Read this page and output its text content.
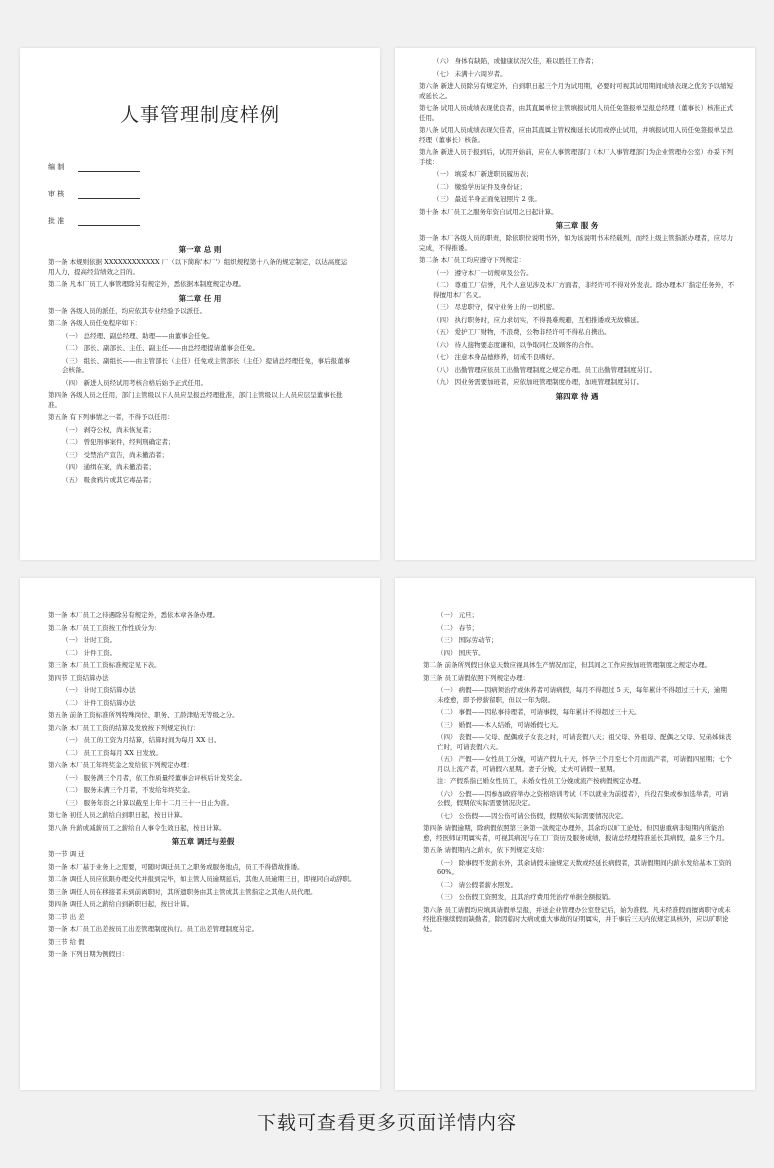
人事管理制度样例
编 制
审 核
批 准
第一章 总 则
第一条 本规则依据 XXXXXXXXXXXX 厂（以下简称'本厂'）组织规程第十八条的规定制定，以达高度运用人力，提高经营绩效之目的。
第二条 凡本厂员工人事管理除另有规定外，悉依据本制度规定办理。
第二章 任 用
第一条 各级人员的派任，均应依其专业经验予以派任。
第二条 各级人员任免程序如下：
（一） 总经理、副总经理、助理——由董事会任免。
（二） 部长、副部长、主任、副主任——由总经理提请董事会任免。
（三） 组长、副组长——由主管部长（主任）任免或主管部长（主任）提请总经理任免，事后报董事会核备。
（四） 新进人员经试用考核合格后始予正式任用。
第四条 各级人员之任用，部门主管级以下人员应呈报总经理批准，部门主管级以上人员应层呈董事长批准。
第五条 有下列事情之一者，不得予以任用：
（一） 剥夺公权，尚未恢复者；
（二） 曾犯刑事案件，经判刑确定者；
（三） 受禁治产宣告，尚未撤消者；
（四） 通缉在案，尚未撤消者；
（五） 吸食鸦片或其它毒品者；
（六） 身体有缺陷，或健康状况欠佳，难以胜任工作者；
（七） 未满十六周岁者。
第六条 新进人员除另有规定外，自到职日起三个月为试用期，必要时可视其试用期间成绩表现之优劣予以缩短或延长之。
第七条 试用人员成绩表现优良者，由其直属单位主管填报试用人员任免签报单呈报总经理（董事长）核准正式任用。
第八条 试用人员成绩表现欠佳者，应由其直属主管权衡延长试用或停止试用，并填报试用人员任免签报单呈总经理（董事长）核备。
第九条 新进人员于报到后，试用开始前，应在人事管理部门（本厂人事管理部门为企业管理办公室）办妥下列手续：
（一） 填妥本厂新进职员履历表；
（二） 缴验学历证件及身份证；
（三） 最近半身正面免冠照片 2 张。
第十条 本厂员工之服务年资自试用之日起计算。
第三章 服 务
第一条 本厂各级人员的职责，除依职位说明书外，如为该说明书未经载列，而经上级主管指派办理者，应尽力完成，不得推诿。
第二条 本厂员工均应遵守下列规定：
（一） 遵守本厂一切规章及公告。
（二） 尊重工厂信誉，凡个人意见涉及本厂方面者，非经许可不得对外发表。除办理本厂指定任务外，不得擅用本厂名义。
（三） 尽忠职守，保守业务上的一切机密。
（四） 执行职务时，应力求切实，不得畏难规避，互相推诿或无故稽延。
（五） 爱护工厂财物，不浪费，公物非经许可不得私自携出。
（六） 待人接物要态度谦和，以争取同仁及顾客的合作。
（七） 注意本身品德修养，切戒不良嗜好。
（八） 出勤管理应依员工出勤管理制度之规定办理。员工出勤管理制度另订。
（九） 因业务需要加班者，应依加班管理制度办理，加班管理制度另订。
第四章 待 遇
第一条 本厂员工之待遇除另有规定外，悉依本章各条办理。
第二条 本厂员工工资按工作性质分为：
（一） 计时工资。
（二） 计件工资。
第三条 本厂员工工资标准规定见下表。
第四节 工资结算办法
（一） 计时工资结算办法
（二） 计件工资结算办法
第五条 前条工资标准所列特殊岗位、职务、工龄津贴无等级之分。
第六条 本厂员工工资的结算及发放按下列规定执行：
（一） 员工的工资为月结算，结算时间为每月 XX 日。
（二） 员工工资每月 XX 日发放。
第六条 本厂员工年终奖金之发给依下列规定办理：
（一） 服务满三个月者，依工作质量经董事会评核后计发奖金。
（二） 服务未满三个月者，不发给年终奖金。
（三） 服务年资之计算以截至上年十二月三十一日止为准。
第七条 初任人员之薪给自到职日起，按日计算。
第八条 升薪或减薪员工之薪给自人事令生效日起，按日计算。
第五章 调迁与差假
第一节 调 迁
第一条 本厂基于业务上之需要，可随时调迁员工之职务或服务地点，员工不得借故推诿。
第二条 调任人员应依限办理交代并报到完毕，如主管人员逾期延后，其他人员逾期三日，即视同自动辞职。
第三条 调任人员在移接者未到前离职时，其所遗职务由其主管或其主管指定之其他人员代理。
第四条 调任人员之薪给自到新职日起，按日计算。
第二节 出 差
第一条 本厂员工出差按员工出差管理制度执行。员工出差管理制度另定。
第三节 给 假
第一条 下列日期为例假日：
（一） 元旦；
（二） 春节；
（三） 国际劳动节；
（四） 国庆节。
第二条 前条所列假日休息天数应视具体生产情况而定，但其间之工作应按加班管理制度之规定办理。
第三条 员工请假依照下列规定办理：
（一） 病假——因病须治疗或休养者可请病假，每月不得超过 5 天，每年累计不得超过三十天，逾期未痊愈，即予停薪留职，但以一年为限。
（二） 事假——因私事待理者，可请事假，每年累计不得超过三十天。
（三） 婚假——本人结婚，可请婚假七天。
（四） 丧假——父母、配偶或子女丧之时，可请丧假八天；祖父母、外祖母、配偶之父母、兄弟姊妹丧亡时，可请丧假六天。
（五） 产假——女性员工分娩，可请产假九十天，怀孕三个月至七个月而流产者，可请假四星期；七个月以上流产者，可请假六星期。妻子分娩，丈夫可请假一星期。
注：产假系指已婚女性员工，未婚女性员工分娩或流产按病假规定办理。
（六） 公假——因参加政府举办之资格培训考试（不以就业为前提者），兵役召集或参加选举者，可请公假，假期依实际需要情况决定。
（七） 公伤假——因公伤可请公伤假，假期依实际需要情况决定。
第四条 请假逾期，除病假依照第三条第一款规定办理外，其余均以旷工论处。但因患重病非短期内所能治愈，经医师证明属实者，可视其病况与在工厂资历及服务成绩，报请总经理特准延长其病假，最多三个月。
第五条 请假期内之薪水，依下列规定支给：
（一） 除事假不发薪水外，其余请假未逾规定天数或经延长病假者，其请假期间内薪水发给基本工资的 60%。
（二） 请公假者薪水照发。
（三） 公伤假工资照发，且其治疗费用凭治疗单据全额报销。
第六条 员工请假均应填具请假单呈报，并送企业管理办公室登记后，始为准假。凡未经准假而擅离职守或未经批准继续假而缺勤者，除因临时大病或重大事故的证明属实，并于事后三天内依规定具核外，应以旷职论处。
下载可查看更多页面详情内容
